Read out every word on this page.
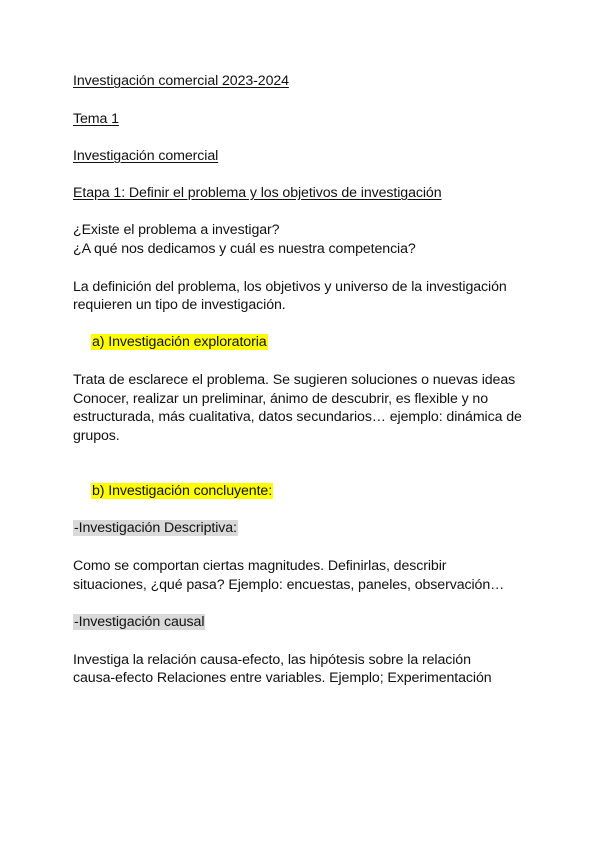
Investigación comercial 2023-2024
Tema 1
Investigación comercial
Etapa 1: Definir el problema y los objetivos de investigación
¿Existe el problema a investigar?
¿A qué nos dedicamos y cuál es nuestra competencia?
La definición del problema, los objetivos y universo de la investigación
requieren un tipo de investigación.
a) Investigación exploratoria
Trata de esclarece el problema. Se sugieren soluciones o nuevas ideas
Conocer, realizar un preliminar, ánimo de descubrir, es flexible y no
estructurada, más cualitativa, datos secundarios… ejemplo: dinámica de
grupos.
b) Investigación concluyente:
-Investigación Descriptiva:
Como se comportan ciertas magnitudes. Definirlas, describir
situaciones, ¿qué pasa? Ejemplo: encuestas, paneles, observación…
-Investigación causal
Investiga la relación causa-efecto, las hipótesis sobre la relación
causa-efecto Relaciones entre variables. Ejemplo; Experimentación
